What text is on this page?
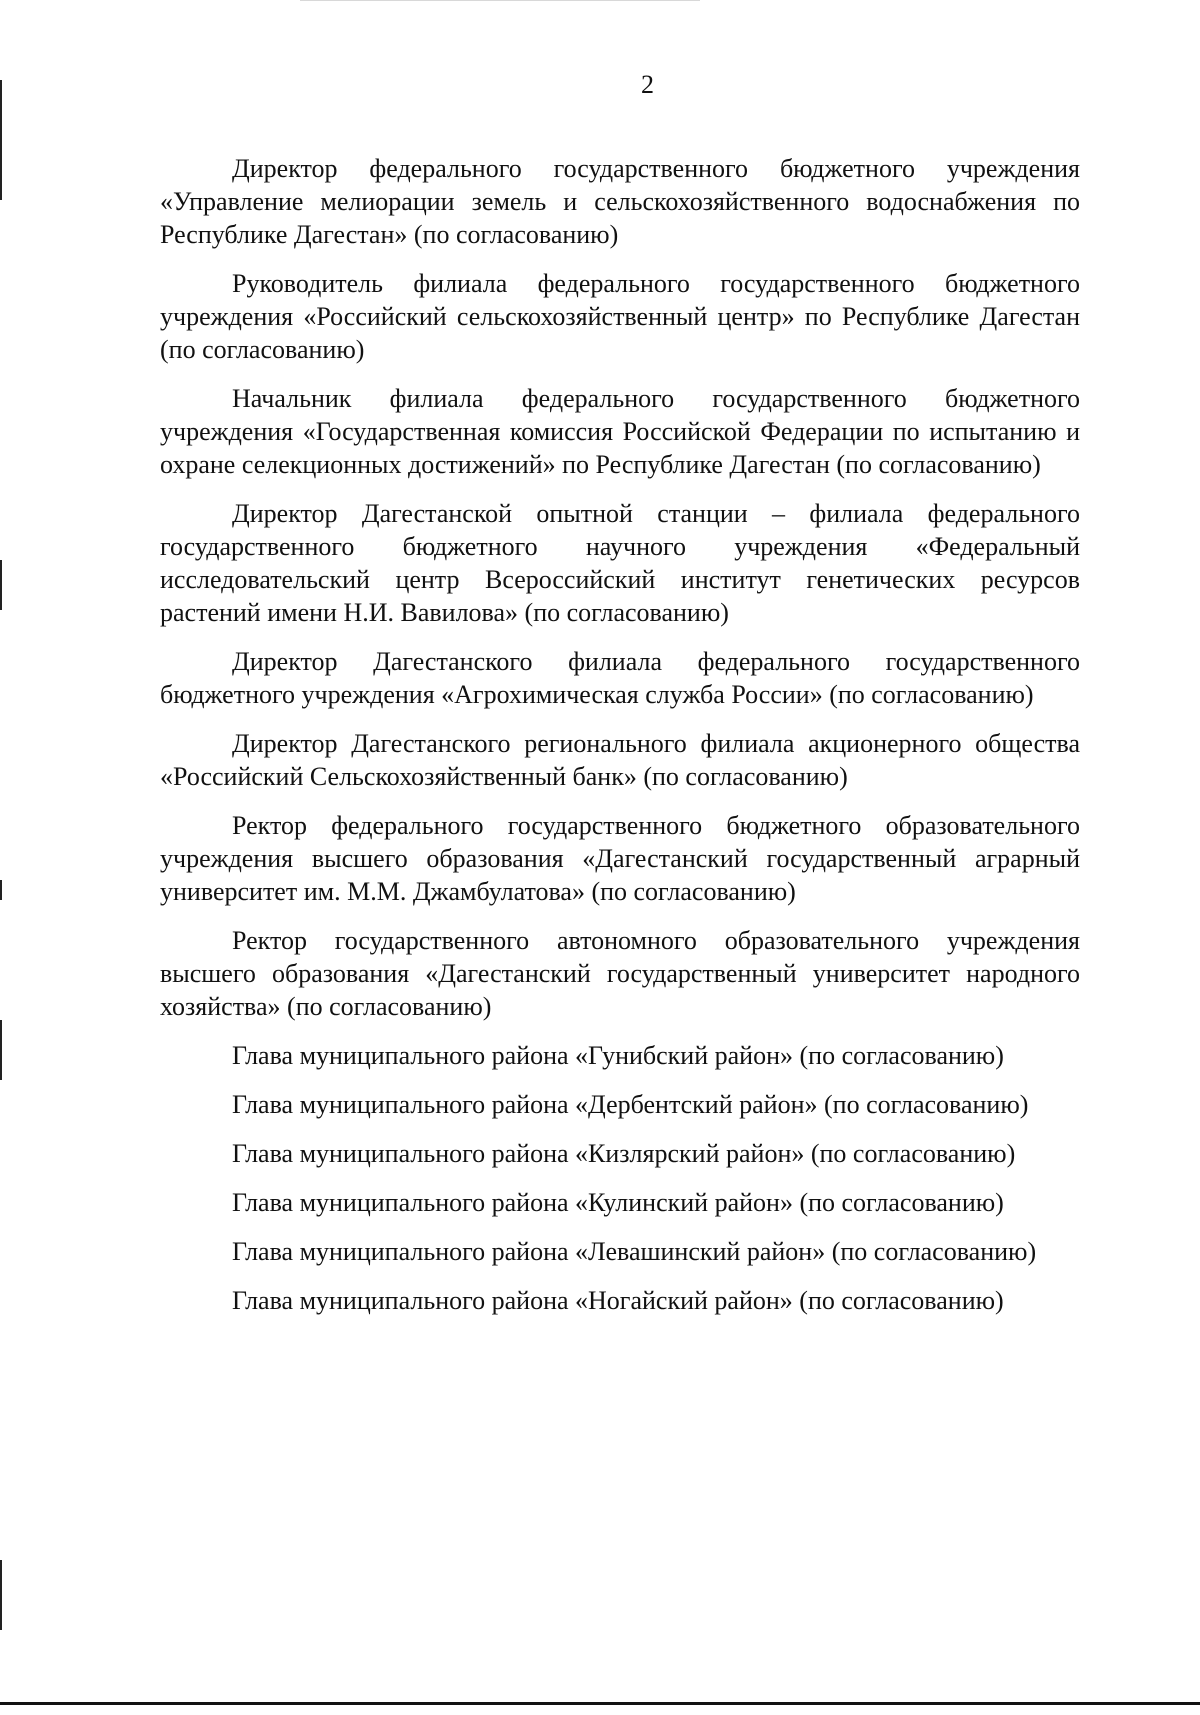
2

Директор федерального государственного бюджетного учреждения «Управление мелиорации земель и сельскохозяйственного водоснабжения по Республике Дагестан» (по согласованию)

Руководитель филиала федерального государственного бюджетного учреждения «Российский сельскохозяйственный центр» по Республике Дагестан (по согласованию)

Начальник филиала федерального государственного бюджетного учреждения «Государственная комиссия Российской Федерации по испытанию и охране селекционных достижений» по Республике Дагестан (по согласованию)

Директор Дагестанской опытной станции – филиала федерального государственного бюджетного научного учреждения «Федеральный исследовательский центр Всероссийский институт генетических ресурсов растений имени Н.И. Вавилова» (по согласованию)

Директор Дагестанского филиала федерального государственного бюджетного учреждения «Агрохимическая служба России» (по согласованию)

Директор Дагестанского регионального филиала акционерного общества «Российский Сельскохозяйственный банк» (по согласованию)

Ректор федерального государственного бюджетного образовательного учреждения высшего образования «Дагестанский государственный аграрный университет им. М.М. Джамбулатова» (по согласованию)

Ректор государственного автономного образовательного учреждения высшего образования «Дагестанский государственный университет народного хозяйства» (по согласованию)

Глава муниципального района «Гунибский район» (по согласованию)

Глава муниципального района «Дербентский район» (по согласованию)

Глава муниципального района «Кизлярский район» (по согласованию)

Глава муниципального района «Кулинский район» (по согласованию)

Глава муниципального района «Левашинский район» (по согласованию)

Глава муниципального района «Ногайский район» (по согласованию)
